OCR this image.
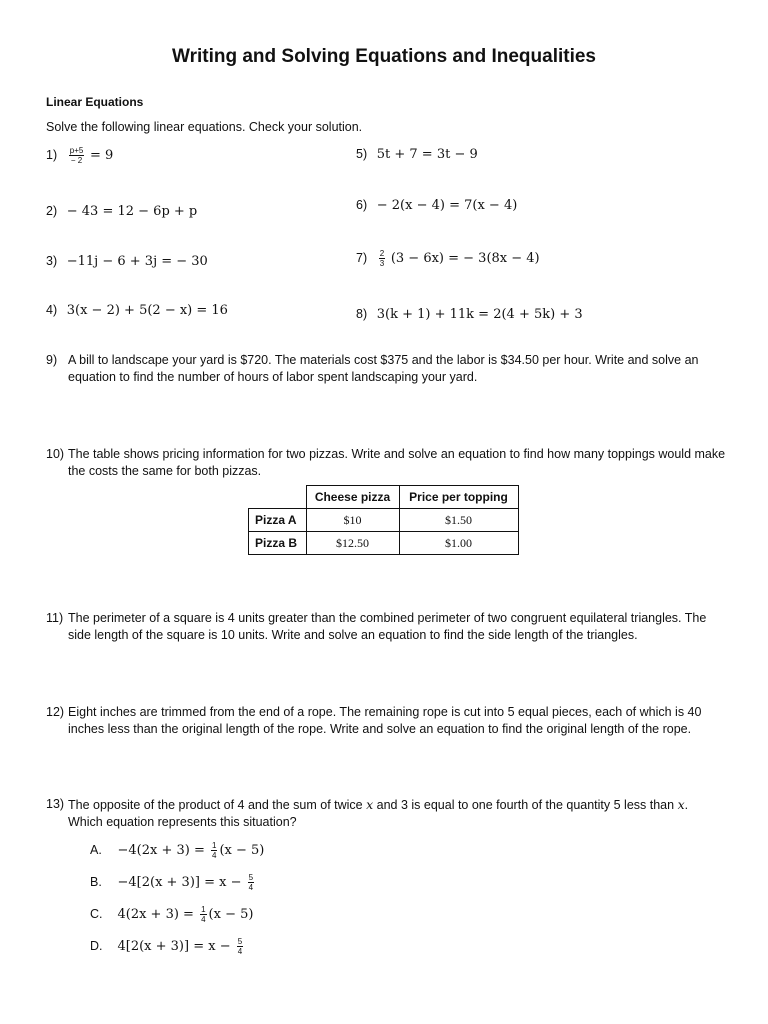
Writing and Solving Equations and Inequalities
Linear Equations
Solve the following linear equations. Check your solution.
$1) \frac{p+5}{- 2} = 9$
2) − 43 = 12 − 6p + p
3) −11j − 6 + 3j = − 30
4) 3(x − 2) + 5(2 − x) = 16
5) 5t + 7 = 3t − 9
6) − 2(x − 4) = 7(x − 4)
$7) \frac{2}{3} (3 - 6x)$ = − 3(8x − 4)
8) 3(k + 1) + 11k = 2(4 + 5k) + 3
9) A bill to landscape your yard is $720. The materials cost $375 and the labor is $34.50 per hour. Write and solve an equation to find the number of hours of labor spent landscaping your yard.
10) The table shows pricing information for two pizzas. Write and solve an equation to find how many toppings would make the costs the same for both pizzas.
	Cheese pizza	Price per topping
Pizza A	$10	$1.50
Pizza B	$12.50	$1.00
11) The perimeter of a square is 4 units greater than the combined perimeter of two congruent equilateral triangles. The side length of the square is 10 units. Write and solve an equation to find the side length of the triangles.
12) Eight inches are trimmed from the end of a rope. The remaining rope is cut into 5 equal pieces, each of which is 40 inches less than the original length of the rope. Write and solve an equation to find the original length of the rope.
13) The opposite of the product of 4 and the sum of twice x and 3 is equal to one fourth of the quantity 5 less than x.
Which equation represents this situation?
A. $-4(2x + 3) = \frac{1}{4} (x - 5)$
B. $-4[2(x + 3)] = x - \frac{5}{4}$
C. $4(2x + 3) = \frac{1}{4} (x - 5)$
D. $4[2(x + 3)] = x - \frac{5}{4}$
